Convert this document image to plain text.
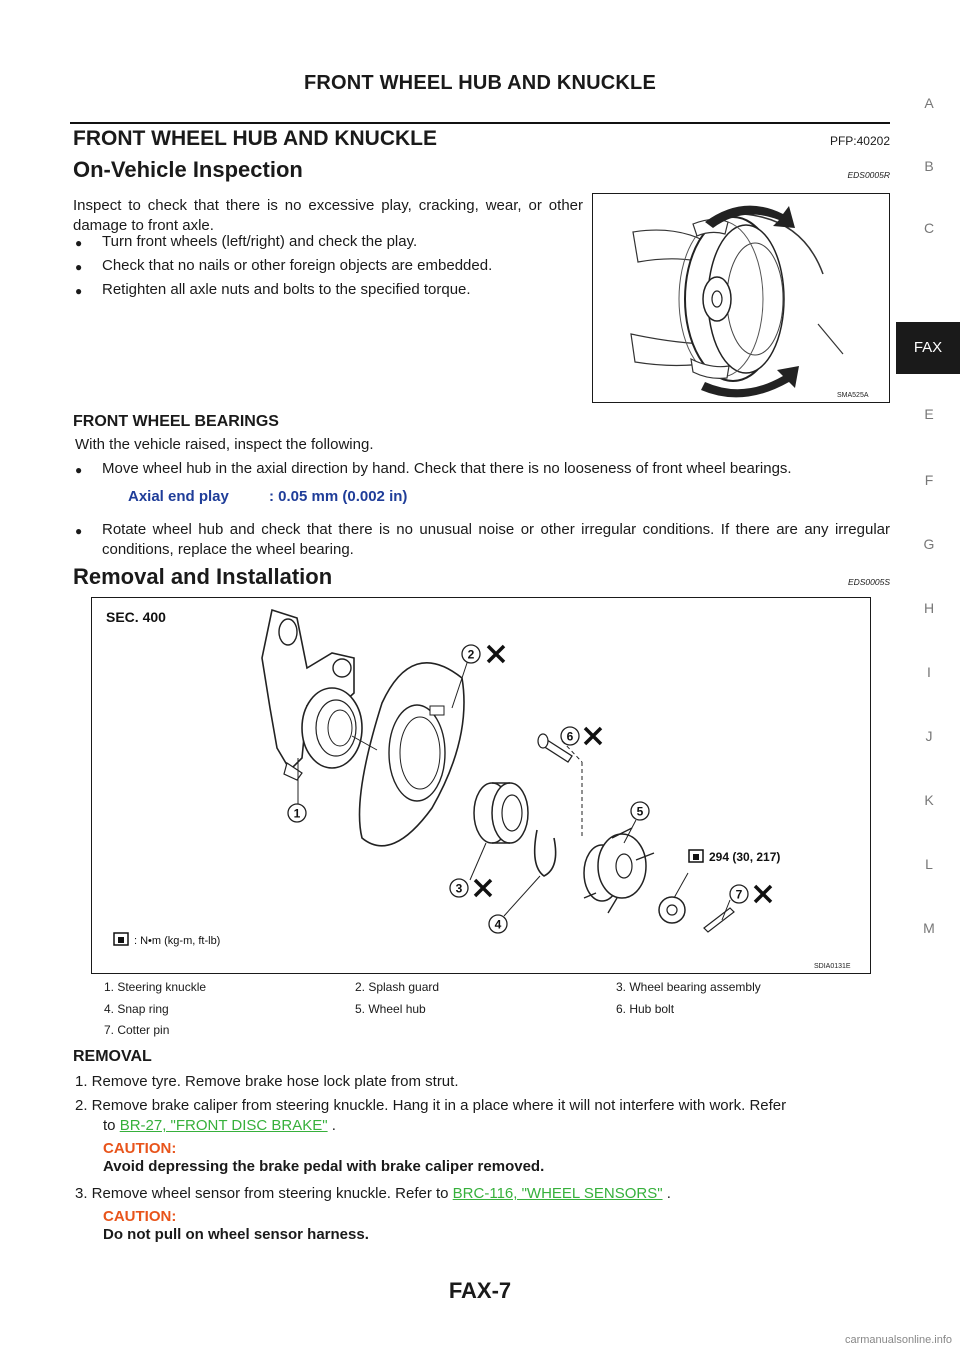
FRONT WHEEL HUB AND KNUCKLE
FRONT WHEEL HUB AND KNUCKLE	PFP:40202
On-Vehicle Inspection	EDS0005R
Inspect to check that there is no excessive play, cracking, wear, or other damage to front axle.
● Turn front wheels (left/right) and check the play.
● Check that no nails or other foreign objects are embedded.
● Retighten all axle nuts and bolts to the specified torque.
SMA525A
FRONT WHEEL BEARINGS
With the vehicle raised, inspect the following.
● Move wheel hub in the axial direction by hand. Check that there is no looseness of front wheel bearings.
Axial end play	: 0.05 mm (0.002 in)
● Rotate wheel hub and check that there is no unusual noise or other irregular conditions. If there are any irregular conditions, replace the wheel bearing.
Removal and Installation	EDS0005S
SEC. 400
1
2
3
4
5
6
7
294 (30, 217)
: N•m (kg-m, ft-lb)
SDIA0131E
1. Steering knuckle	2. Splash guard	3. Wheel bearing assembly
4. Snap ring	5. Wheel hub	6. Hub bolt
7. Cotter pin
REMOVAL
1. Remove tyre. Remove brake hose lock plate from strut.
2. Remove brake caliper from steering knuckle. Hang it in a place where it will not interfere with work. Refer
to BR-27, "FRONT DISC BRAKE" .
CAUTION:
Avoid depressing the brake pedal with brake caliper removed.
3. Remove wheel sensor from steering knuckle. Refer to BRC-116, "WHEEL SENSORS" .
CAUTION:
Do not pull on wheel sensor harness.
A
B
C
FAX
E
F
G
H
I
J
K
L
M
FAX-7
carmanualsonline.info
